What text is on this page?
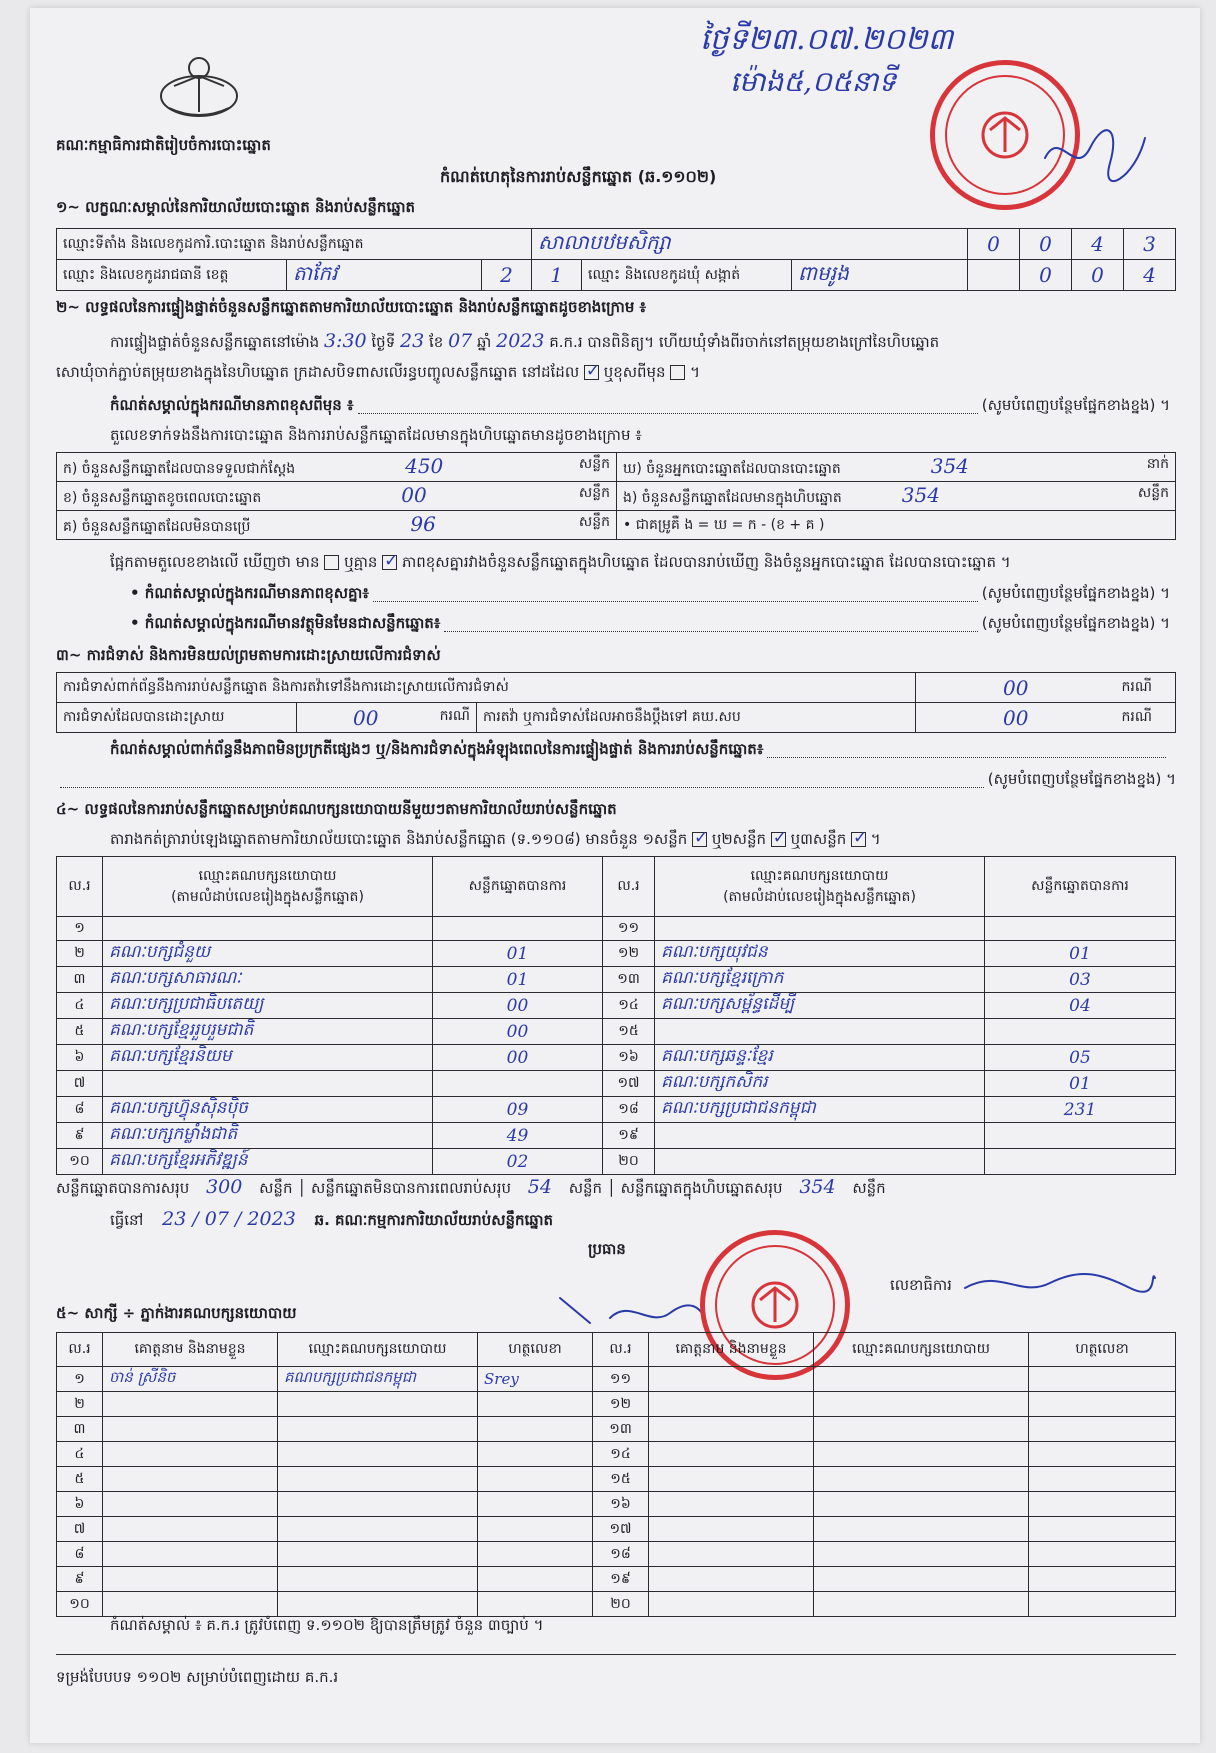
គណៈកម្មាធិការជាតិរៀបចំការបោះឆ្នោត
កំណត់ហេតុនៃការរាប់សន្លឹកឆ្នោត (ឆ.១១០២)
ថ្ងៃទី២៣.០៧.២០២៣
ម៉ោង៥,០៥នាទី
១~ លក្ខណៈសម្គាល់នៃការិយាល័យបោះឆ្នោត និងរាប់សន្លឹកឆ្នោត
ឈ្មោះទីតាំង និងលេខកូដការិ.បោះឆ្នោត និងរាប់សន្លឹកឆ្នោត			សាលាបឋមសិក្សា			0	0	4	3
ឈ្មោះ និងលេខកូដរាជធានី ខេត្ត	តាកែវ	2	1	ឈ្មោះ និងលេខកូដឃុំ សង្កាត់	ពាមរូង		0	0	4
២~ លទ្ធផលនៃការផ្ទៀងផ្ទាត់ចំនួនសន្លឹកឆ្នោតតាមការិយាល័យបោះឆ្នោត និងរាប់សន្លឹកឆ្នោតដូចខាងក្រោម ៖
ការផ្ទៀងផ្ទាត់ចំនួនសន្លឹកឆ្នោតនៅម៉ោង 3:30 ថ្ងៃទី 23 ខែ 07 ឆ្នាំ 2023 គ.ក.រ បានពិនិត្យ។ ហើយឃុំទាំងពីរចាក់នៅតម្រុយខាងក្រៅនៃហិបឆ្នោត
សោឃុំចាក់ភ្ជាប់តម្រុយខាងក្នុងនៃហិបឆ្នោត ក្រដាសបិទពាសលើរន្ធបញ្ចូលសន្លឹកឆ្នោត នៅដដែល ✓ ឬខុសពីមុន  ។
កំណត់សម្គាល់ក្នុងករណីមានភាពខុសពីមុន ៖	(សូមបំពេញបន្ថែមផ្នែកខាងខ្នង) ។
តួលេខទាក់ទងនឹងការបោះឆ្នោត និងការរាប់សន្លឹកឆ្នោតដែលមានក្នុងហិបឆ្នោតមានដូចខាងក្រោម ៖
ក) ចំនួនសន្លឹកឆ្នោតដែលបានទទួលជាក់ស្តែង 450 សន្លឹក	ឃ) ចំនួនអ្នកបោះឆ្នោតដែលបានបោះឆ្នោត 354 នាក់

ខ) ចំនួនសន្លឹកឆ្នោតខូចពេលបោះឆ្នោត 00 សន្លឹក	ង) ចំនួនសន្លឹកឆ្នោតដែលមានក្នុងហិបឆ្នោត 354 សន្លឹក

គ) ចំនួនសន្លឹកឆ្នោតដែលមិនបានប្រើ 96 សន្លឹក	• ជាគម្រូគឺ ង = ឃ = ក - (ខ + គ )
ផ្អែកតាមតួលេខខាងលើ ឃើញថា មាន ឬគ្មាន ✓ ភាពខុសគ្នារវាងចំនួនសន្លឹកឆ្នោតក្នុងហិបឆ្នោត ដែលបានរាប់ឃើញ និងចំនួនអ្នកបោះឆ្នោត ដែលបានបោះឆ្នោត ។
• កំណត់សម្គាល់ក្នុងករណីមានភាពខុសគ្នា៖	(សូមបំពេញបន្ថែមផ្នែកខាងខ្នង) ។
• កំណត់សម្គាល់ក្នុងករណីមានវត្ថុមិនមែនជាសន្លឹកឆ្នោត៖	(សូមបំពេញបន្ថែមផ្នែកខាងខ្នង) ។
៣~ ការជំទាស់ និងការមិនយល់ព្រមតាមការដោះស្រាយលើការជំទាស់
ការជំទាស់ពាក់ព័ន្ធនឹងការរាប់សន្លឹកឆ្នោត និងការតវ៉ាទៅនឹងការដោះស្រាយលើការជំទាស់			00	ករណី
ការជំទាស់ដែលបានដោះស្រាយ	00 ករណី	ការតវ៉ា ឬការជំទាស់ដែលអាចនឹងប្តឹងទៅ គឃ.សប	00	ករណី
កំណត់សម្គាល់ពាក់ព័ន្ធនឹងភាពមិនប្រក្រតីផ្សេងៗ ឬ/និងការជំទាស់ក្នុងអំឡុងពេលនៃការផ្ទៀងផ្ទាត់ និងការរាប់សន្លឹកឆ្នោត៖
(សូមបំពេញបន្ថែមផ្នែកខាងខ្នង) ។
៤~ លទ្ធផលនៃការរាប់សន្លឹកឆ្នោតសម្រាប់គណបក្សនយោបាយនីមួយៗតាមការិយាល័យរាប់សន្លឹកឆ្នោត
តារាងកត់ត្រារាប់ឡេងឆ្នោតតាមការិយាល័យបោះឆ្នោត និងរាប់សន្លឹកឆ្នោត (ទ.១១០៨) មានចំនួន ១សន្លឹក ✓ ឬ២សន្លឹក ✓ ឬ៣សន្លឹក ✓ ។
ល.រ	ឈ្មោះគណបក្សនយោបាយ
(តាមលំដាប់លេខរៀងក្នុងសន្លឹកឆ្នោត)	សន្លឹកឆ្នោតបានការ	ល.រ	ឈ្មោះគណបក្សនយោបាយ
(តាមលំដាប់លេខរៀងក្នុងសន្លឹកឆ្នោត)	សន្លឹកឆ្នោតបានការ
១			១១		
២	គណៈបក្សជំនួយ	01	១២	គណៈបក្សយុវជន	01
៣	គណៈបក្សសាធារណៈ	01	១៣	គណៈបក្សខ្មែរក្រោក	03
៤	គណៈបក្សប្រជាធិបតេយ្យ	00	១៤	គណៈបក្សសម្ព័ន្ធដើម្បី	04
៥	គណៈបក្សខ្មែររួបរួមជាតិ	00	១៥		
៦	គណៈបក្សខ្មែរនិយម	00	១៦	គណៈបក្សឆន្ទៈខ្មែរ	05
៧			១៧	គណៈបក្សកសិករ	01
៨	គណៈបក្សហ៊្វុនស៊ិនប៉ិច	09	១៨	គណៈបក្សប្រជាជនកម្ពុជា	231
៩	គណៈបក្សកម្លាំងជាតិ	49	១៩		
១០	គណៈបក្សខ្មែរអភិវឌ្ឍន៍	02	២០		
សន្លឹកឆ្នោតបានការសរុប 300 សន្លឹក │ សន្លឹកឆ្នោតមិនបានការពេលរាប់សរុប 54 សន្លឹក │ សន្លឹកឆ្នោតក្នុងហិបឆ្នោតសរុប 354 សន្លឹក
ធ្វើនៅ 23 / 07 / 2023 ឆ. គណៈកម្មការការិយាល័យរាប់សន្លឹកឆ្នោត
ប្រធាន
លេខាធិការ
៥~ សាក្សី ÷ ភ្នាក់ងារគណបក្សនយោបាយ
ល.រ	គោត្តនាម និងនាមខ្លួន	ឈ្មោះគណបក្សនយោបាយ	ហត្ថលេខា	ល.រ	គោត្តនាម និងនាមខ្លួន	ឈ្មោះគណបក្សនយោបាយ	ហត្ថលេខា
១	ចាន់ ស្រីនិច	គណបក្សប្រជាជនកម្ពុជា	Srey	១១			
២				១២			
៣				១៣			
៤				១៤			
៥				១៥			
៦				១៦			
៧				១៧			
៨				១៨			
៩				១៩			
១០				២០			
កំណត់សម្គាល់ ៖ គ.ក.រ ត្រូវបំពេញ ទ.១១០២ ឱ្យបានត្រឹមត្រូវ ចំនួន ៣ច្បាប់ ។
ទម្រង់បែបបទ ១១០២ សម្រាប់បំពេញដោយ គ.ក.រ
